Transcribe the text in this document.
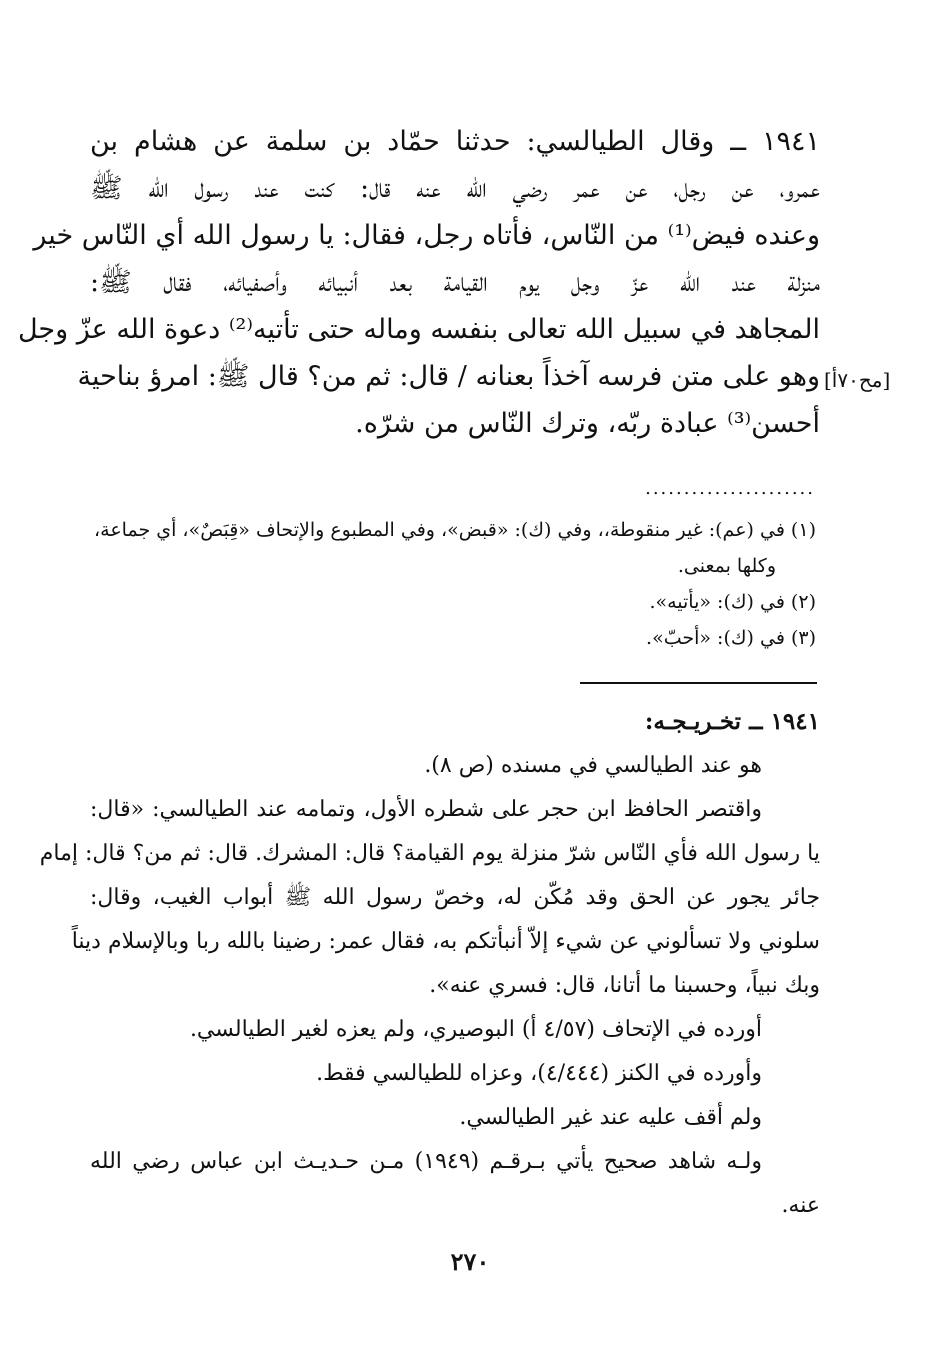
١٩٤١ ــ وقال الطيالسي: حدثنا حمّاد بن سلمة عن هشام بن
عمرو، عن رجل، عن عمر رضي الله عنه قال: كنت عند رسول الله ﷺ
وعنده فيض⁽¹⁾ من النّاس، فأتاه رجل، فقال: يا رسول الله أي النّاس خير
منزلة عند الله عزّ وجل يوم القيامة بعد أنبيائه وأصفيائه، فقال ﷺ:
المجاهد في سبيل الله تعالى بنفسه وماله حتى تأتيه⁽²⁾ دعوة الله عزّ وجل
وهو على متن فرسه آخذاً بعنانه / قال: ثم من؟ قال ﷺ: امرؤ بناحية
أحسن⁽³⁾ عبادة ربّه، وترك النّاس من شرّه.
[مح٧٠أ]
......................
(١) في (عم): غير منقوطة،، وفي (ك): «قبض»، وفي المطبوع والإتحاف «قِبَصٌ»، أي جماعة،
وكلها بمعنى.
(٢) في (ك): «يأتيه».
(٣) في (ك): «أحبّ».
١٩٤١ ــ تخـريـجـه:
هو عند الطيالسي في مسنده (ص ٨).
واقتصر الحافظ ابن حجر على شطره الأول، وتمامه عند الطيالسي: «قال:
يا رسول الله فأي النّاس شرّ منزلة يوم القيامة؟ قال: المشرك. قال: ثم من؟ قال: إمام
جائر يجور عن الحق وقد مُكّن له، وخصّ رسول الله ﷺ أبواب الغيب، وقال:
سلوني ولا تسألوني عن شيء إلاّ أنبأتكم به، فقال عمر: رضينا بالله ربا وبالإسلام ديناً
وبك نبياً، وحسبنا ما أتانا، قال: فسري عنه».
أورده في الإتحاف (٤/٥٧ أ) البوصيري، ولم يعزه لغير الطيالسي.
وأورده في الكنز (٤/٤٤٤)، وعزاه للطيالسي فقط.
ولم أقف عليه عند غير الطيالسي.
ولـه شاهد صحيح يأتي بـرقـم (١٩٤٩) مـن حـديـث ابن عباس رضي الله
عنه.
٢٧٠
